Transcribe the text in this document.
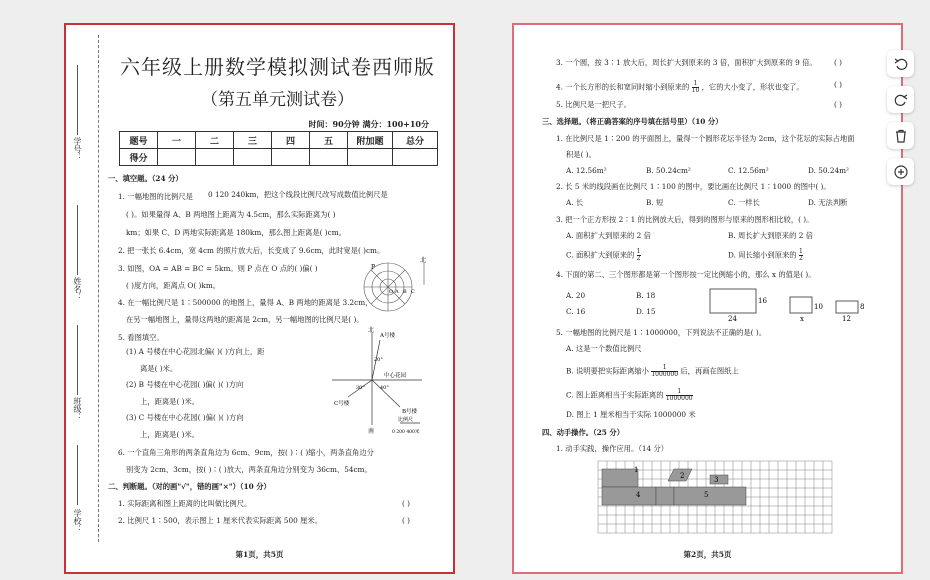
学号：
姓名：
班级：
学校：
六年级上册数学模拟测试卷西师版
（第五单元测试卷）
时间：90分钟 满分：100+10分
题号	一	二	三	四	五	附加题	总分
得分							
一、填空题。（24 分）
1. 一幅地图的比例尺是 0 120 240km，把这个线段比例尺改写成数值比例尺是
( )。如果量得 A、B 两地图上距离为 4.5cm，那么实际距离为( )
km；如果 C、D 两地实际距离是 180km，那么图上距离是( )cm。
2. 把一张长 6.4cm，宽 4cm 的照片放大后，长变成了 9.6cm，此时宽是( )cm。
3. 如图，OA = AB = BC = 5km。则 P 点在 O 点的( )偏( )
( )度方向，距离点 O( )km。
4. 在一幅比例尺是 1∶500000 的地图上，量得 A、B 两地的距离是 3.2cm，
在另一幅地图上，量得这两地的距离是 2cm，另一幅地图的比例尺是( )。
5. 看图填空。
(1) A 号楼在中心花园北偏( )( )方向上，距
离是( )米。
(2) B 号楼在中心花园( )偏( )( )方向
上，距离是( )米。
(3) C 号楼在中心花园( )偏( )( )方向
上，距离是( )米。
6. 一个直角三角形的两条直角边为 6cm、9cm，按( )∶( )缩小，两条直角边分
别变为 2cm、3cm，按( )∶( )放大，两条直角边分别变为 36cm、54cm。
二、判断题。（对的画"√"，错的画"×"）（10 分）
1. 实际距离和图上距离的比叫做比例尺。	( )
2. 比例尺 1∶500，表示图上 1 厘米代表实际距离 500 厘米。	( )
北
P
O A B C
北
A号楼
中心花园
B号楼
C号楼
南
比例尺
0 200 400米
20°
30°	40°
第1页，共5页
3. 一个圆，按 3∶1 放大后，周长扩大到原来的 3 倍，面积扩大到原来的 9 倍。 ( )
4. 一个长方形的长和宽同时缩小到原来的 $\frac{1}{10}$ ，它的大小变了，形状也变了。	( )
5. 比例尺是一把尺子。	( )
三、选择题。（将正确答案的序号填在括号里）（10 分）
1. 在比例尺是 1∶200 的平面图上，量得一个圆形花坛半径为 2cm，这个花坛的实际占地面
积是( )。
A. 12.56m²	B. 50.24cm²	C. 12.56m²	D. 50.24m²
2. 长 5 米的线段画在比例尺 1∶100 的图中，要比画在比例尺 1∶1000 的图中( )。
A. 长	B. 短	C. 一样长	D. 无法判断
3. 把一个正方形按 2∶1 的比例放大后，得到的图形与原来的图形相比较，( )。
A. 面积扩大到原来的 2 倍	B. 周长扩大到原来的 2 倍
C. 面积扩大到原来的 $\frac{1}{2}$	D. 周长缩小到原来的 $\frac{1}{2}$
4. 下面的第二、三个图形都是第一个图形按一定比例缩小的，那么 x 的值是( )。
A. 20	B. 18
C. 16	D. 15
16
24
10
x
8
12
5. 一幅地图的比例尺是 1∶1000000，下列说法不正确的是( )。
A. 这是一个数值比例尺
B. 说明要把实际距离缩小 $\frac{1}{1000000}$ 后，再画在图纸上
C. 图上距离相当于实际距离的 $\frac{1}{1000000}$
D. 图上 1 厘米相当于实际 1000000 米
四、动手操作。（25 分）
1. 动手实践，操作应用。（14 分）
1
2	3
4	5
第2页，共5页
